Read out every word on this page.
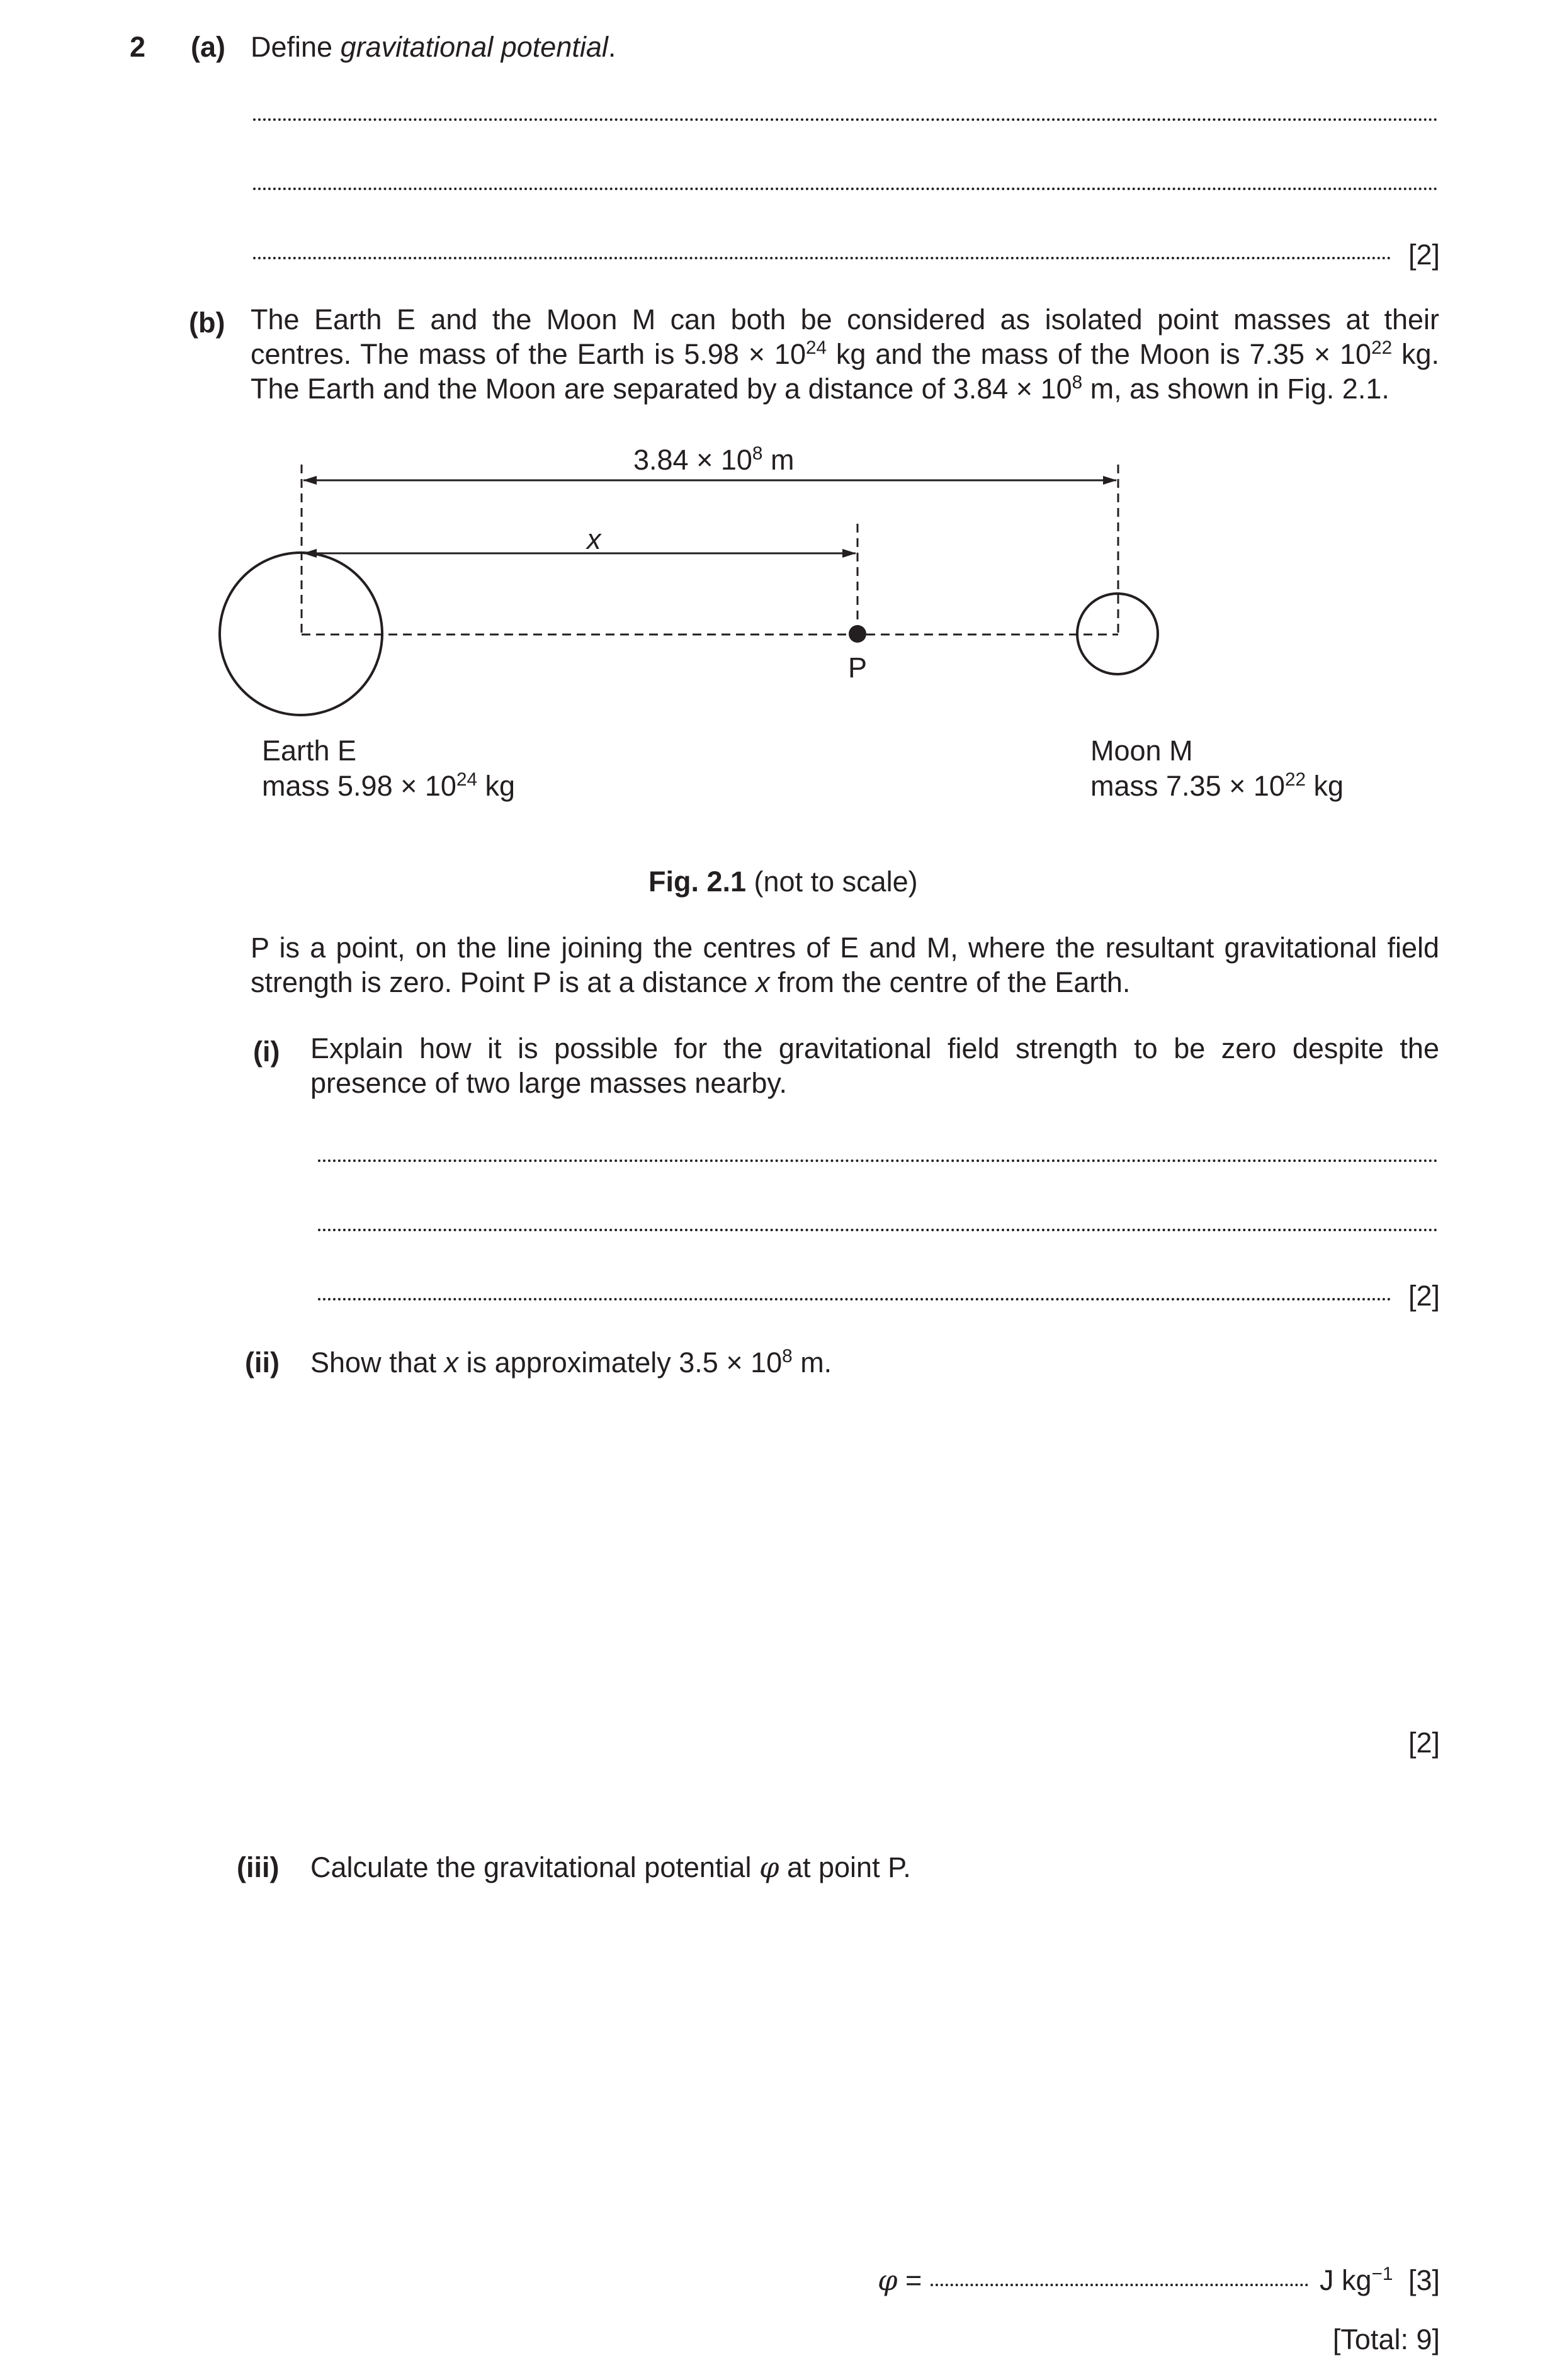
2 (a) Define gravitational potential.
[2]
(b) The Earth E and the Moon M can both be considered as isolated point masses at their
centres. The mass of the Earth is $5.98 \times 10^{24}$ kg and the mass of the Moon is $7.35 \times 10^{22}$ kg.
The Earth and the Moon are separated by a distance of $3.84 \times 10^8$ m, as shown in Fig. 2.1.
$3.84 \times 10^8$ m
x
P
Earth E
mass $5.98 \times 10^{24}$ kg
Moon M
mass $7.35 \times 10^{22}$ kg
Fig. 2.1 (not to scale)
P is a point, on the line joining the centres of E and M, where the resultant gravitational field
strength is zero. Point P is at a distance x from the centre of the Earth.
(i) Explain how it is possible for the gravitational field strength to be zero despite the
presence of two large masses nearby.
[2]
(ii) Show that x is approximately $3.5 \times 10^8$ m.
[2]
(iii) Calculate the gravitational potential φ at point P.
φ =	J $kg^{-1}$ [3]
[Total: 9]
